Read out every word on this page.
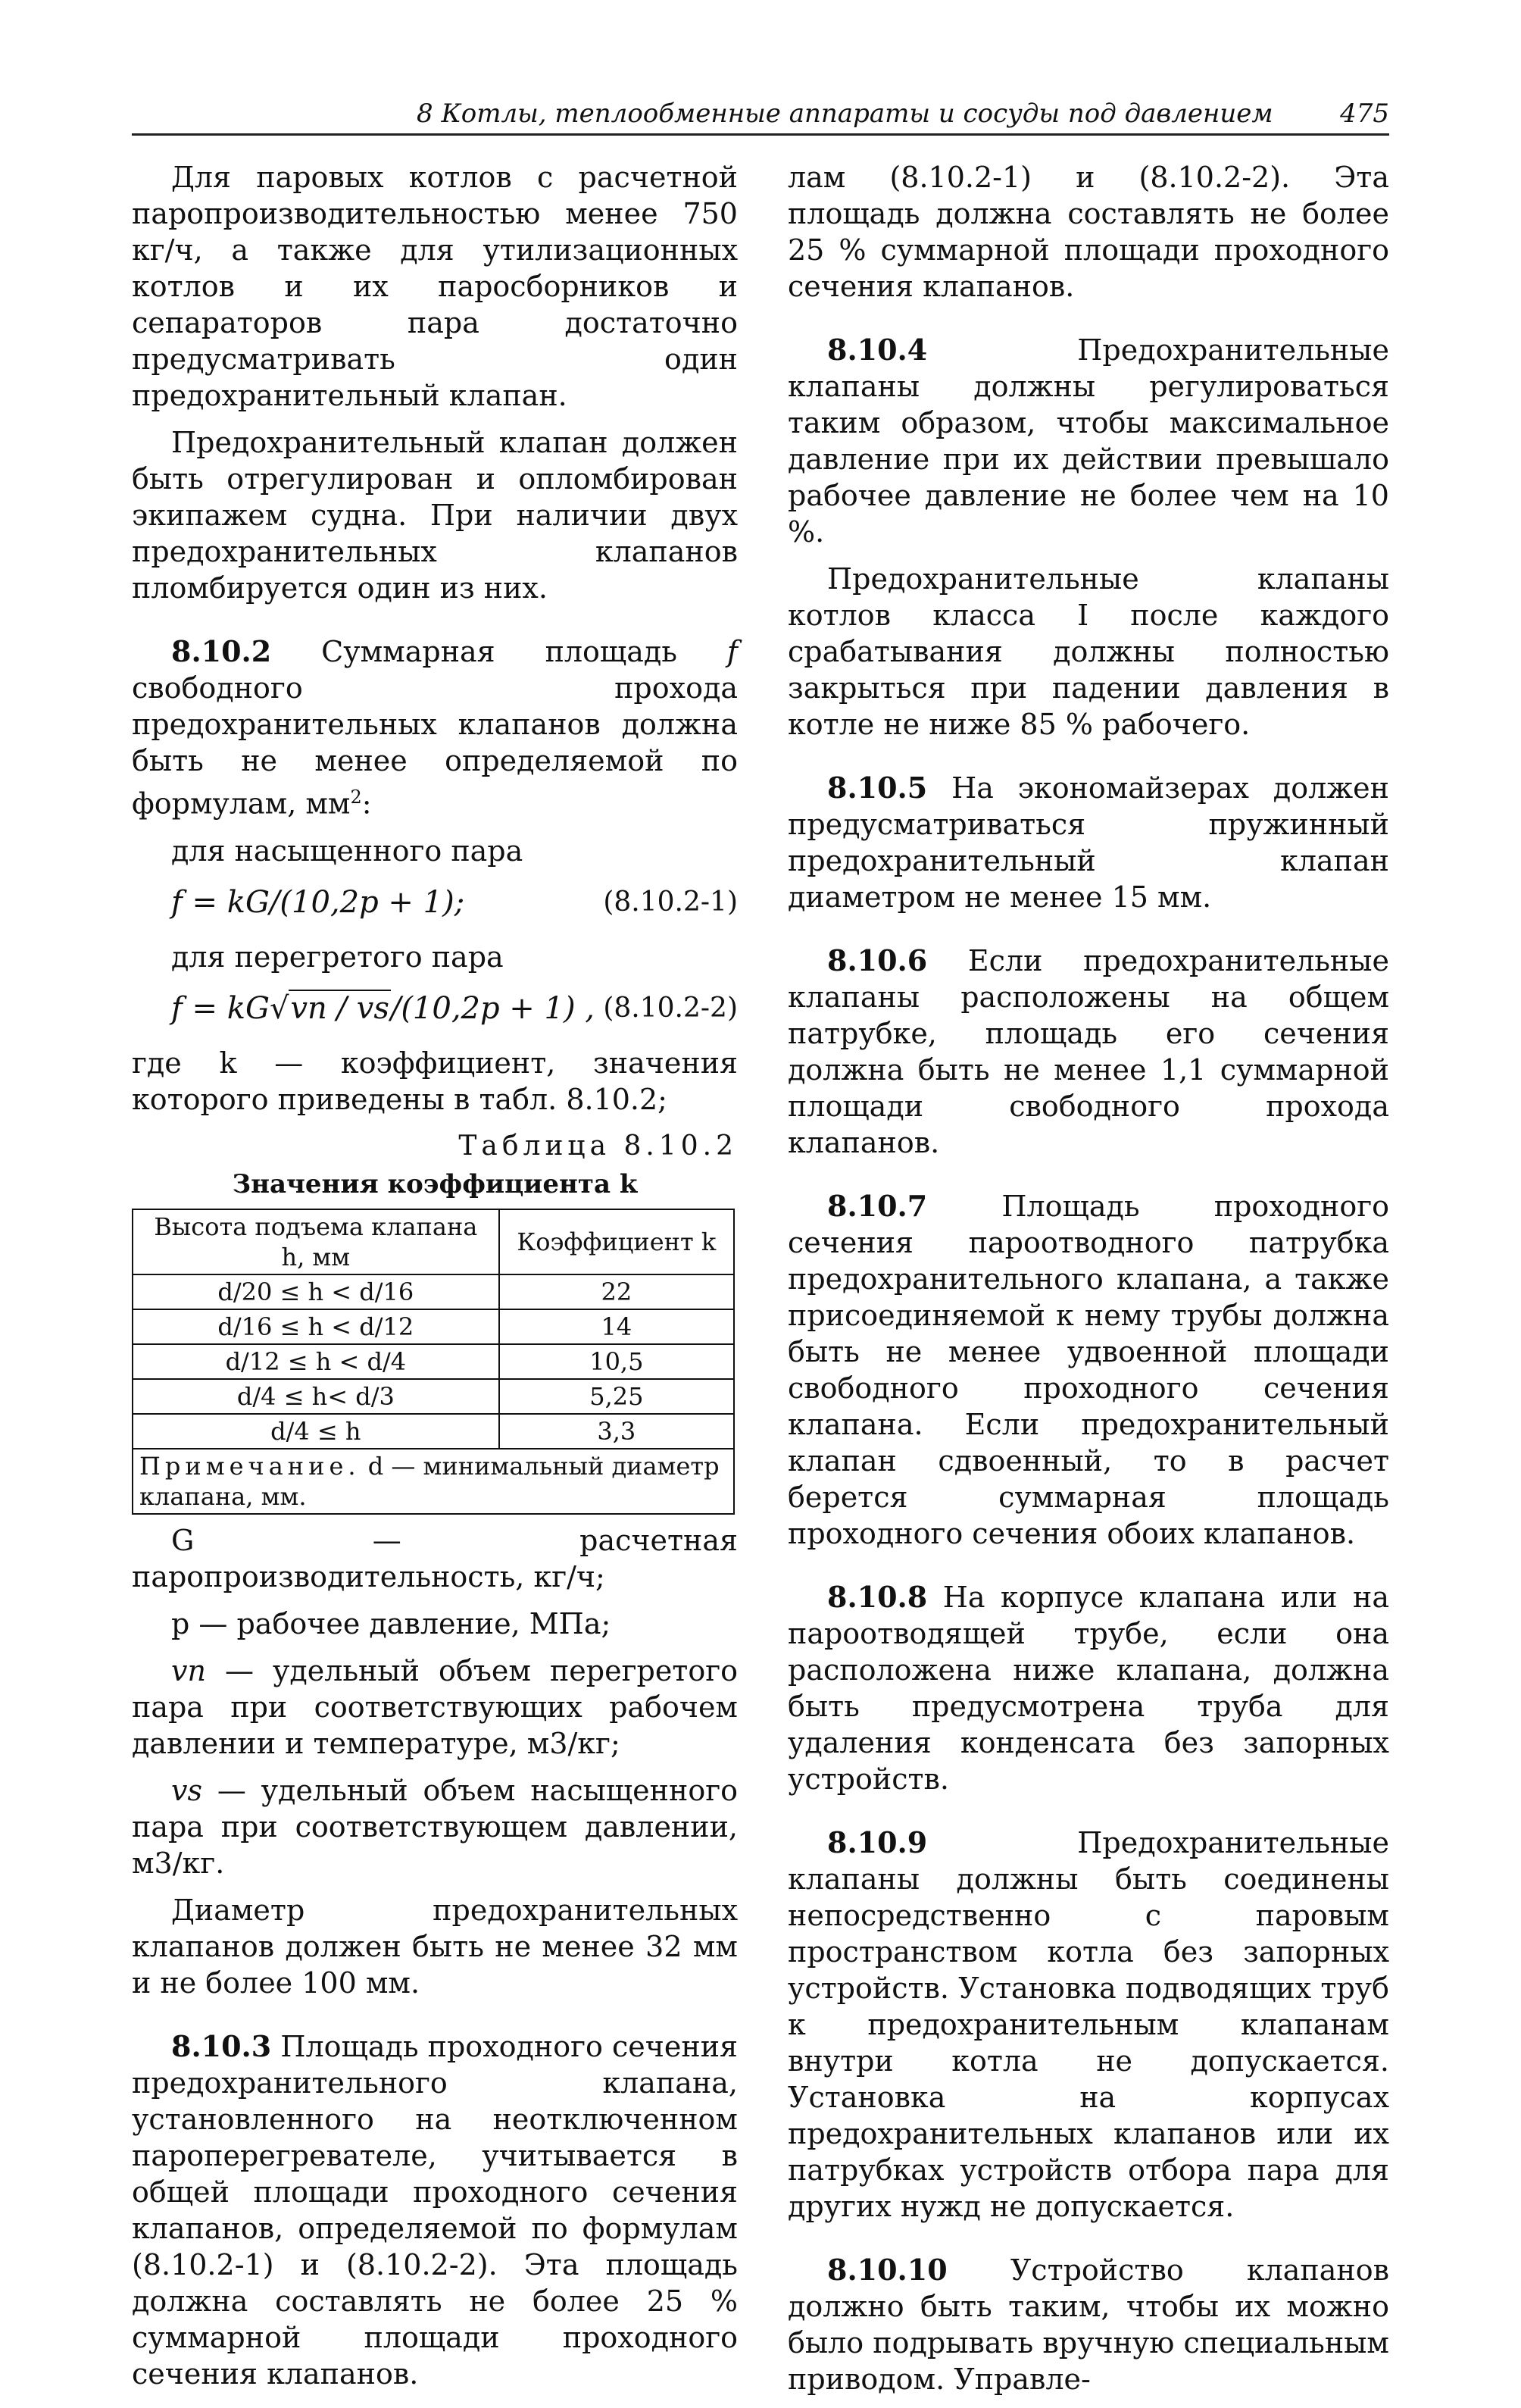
8 Котлы, теплообменные аппараты и сосуды под давлением	475

Для паровых котлов с расчетной паропроизводительностью менее 750 кг/ч, а также для утилизационных котлов и их паросборников и сепараторов пара достаточно предусматривать один предохранительный клапан.

Предохранительный клапан должен быть отрегулирован и опломбирован экипажем судна. При наличии двух предохранительных клапанов пломбируется один из них.

8.10.2 Суммарная площадь f свободного прохода предохранительных клапанов должна быть не менее определяемой по формулам, $мм^2$:

для насыщенного пара
f = kG/(10,2p + 1);	(8.10.2-1)
для перегретого пара
f = kG√vп / vs/(10,2p + 1) , (8.10.2-2)

где k — коэффициент, значения которого приведены в табл. 8.10.2;

Таблица 8.10.2
Значения коэффициента k
Высота подъема клапана h, мм	Коэффициент k
d/20 ≤ h < d/16	22
d/16 ≤ h < d/12	14
d/12 ≤ h < d/4	10,5
d/4 ≤ h< d/3	5,25
d/4 ≤ h	3,3
Примечание. d — минимальный диаметр клапана, мм.	

G — расчетная паропроизводительность, кг/ч;

p — рабочее давление, МПа;

vп — удельный объем перегретого пара при соответствующих рабочем давлении и температуре, м3/кг;

vs — удельный объем насыщенного пара при соответствующем давлении, м3/кг.

Диаметр предохранительных клапанов должен быть не менее 32 мм и не более 100 мм.

8.10.3 Площадь проходного сечения предохранительного клапана, установленного на неотключенном пароперегревателе, учитывается в общей площади проходного сечения клапанов, определяемой по формулам (8.10.2-1) и (8.10.2-2). Эта площадь должна составлять не более 25 % суммарной площади проходного сечения клапанов.

лам (8.10.2-1) и (8.10.2-2). Эта площадь должна составлять не более 25 % суммарной площади проходного сечения клапанов.

8.10.4 Предохранительные клапаны должны регулироваться таким образом, чтобы максимальное давление при их действии превышало рабочее давление не более чем на 10 %.

Предохранительные клапаны котлов класса I после каждого срабатывания должны полностью закрыться при падении давления в котле не ниже 85 % рабочего.

8.10.5 На экономайзерах должен предусматриваться пружинный предохранительный клапан диаметром не менее 15 мм.

8.10.6 Если предохранительные клапаны расположены на общем патрубке, площадь его сечения должна быть не менее 1,1 суммарной площади свободного прохода клапанов.

8.10.7 Площадь проходного сечения пароотводного патрубка предохранительного клапана, а также присоединяемой к нему трубы должна быть не менее удвоенной площади свободного проходного сечения клапана. Если предохранительный клапан сдвоенный, то в расчет берется суммарная площадь проходного сечения обоих клапанов.

8.10.8 На корпусе клапана или на пароотводящей трубе, если она расположена ниже клапана, должна быть предусмотрена труба для удаления конденсата без запорных устройств.

8.10.9 Предохранительные клапаны должны быть соединены непосредственно с паровым пространством котла без запорных устройств. Установка подводящих труб к предохранительным клапанам внутри котла не допускается. Установка на корпусах предохранительных клапанов или их патрубках устройств отбора пара для других нужд не допускается.

8.10.10 Устройство клапанов должно быть таким, чтобы их можно было подрывать вручную специальным приводом. Управле-
